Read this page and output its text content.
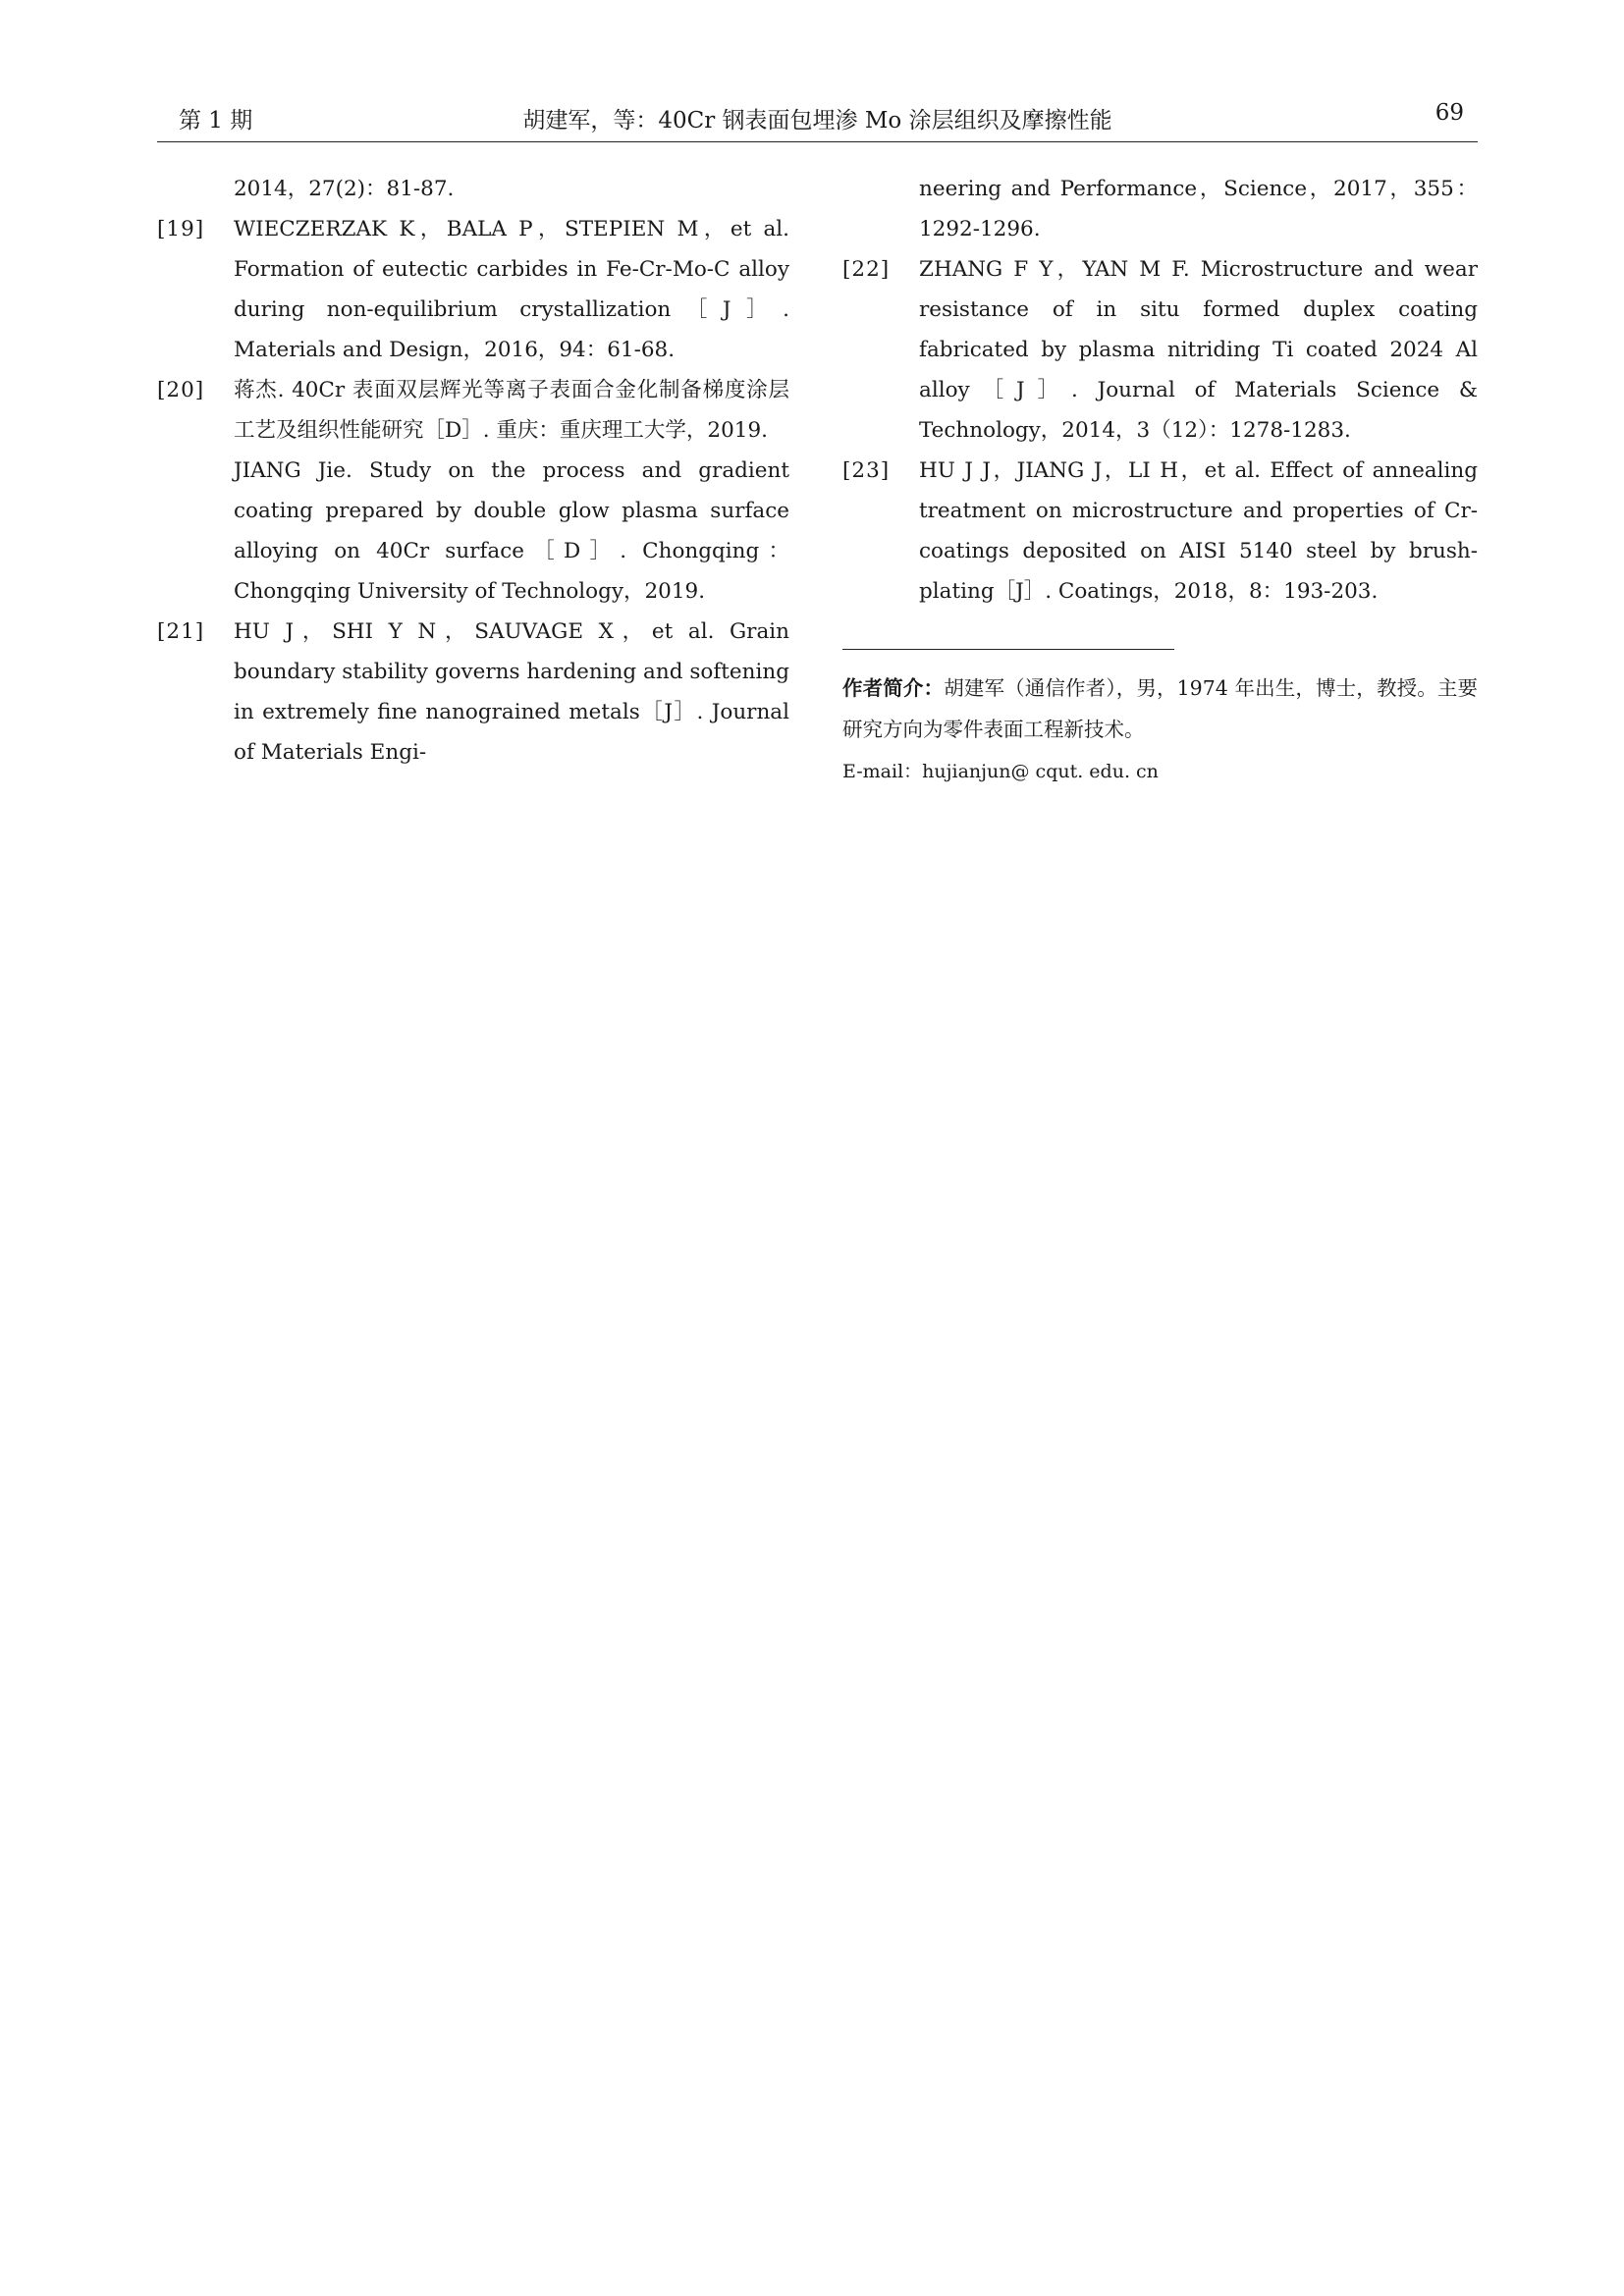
第 1 期	胡建军，等：40Cr 钢表面包埋渗 Mo 涂层组织及摩擦性能	69
2014，27(2)：81-87.
[19] WIECZERZAK K，BALA P，STEPIEN M，et al. Formation of eutectic carbides in Fe-Cr-Mo-C alloy during non-equilibrium crystallization［J］. Materials and Design，2016，94：61-68.
[20] 蒋杰. 40Cr 表面双层辉光等离子表面合金化制备梯度涂层工艺及组织性能研究［D］. 重庆：重庆理工大学，2019.
JIANG Jie. Study on the process and gradient coating prepared by double glow plasma surface alloying on 40Cr surface［D］. Chongqing：Chongqing University of Technology，2019.
[21] HU J，SHI Y N，SAUVAGE X，et al. Grain boundary stability governs hardening and softening in extremely fine nanograined metals［J］. Journal of Materials Engi-
neering and Performance，Science，2017，355：1292-1296.
[22] ZHANG F Y，YAN M F. Microstructure and wear resistance of in situ formed duplex coating fabricated by plasma nitriding Ti coated 2024 Al alloy［J］. Journal of Materials Science & Technology，2014，3（12）：1278-1283.
[23] HU J J，JIANG J，LI H，et al. Effect of annealing treatment on microstructure and properties of Cr-coatings deposited on AISI 5140 steel by brush-plating［J］. Coatings，2018，8：193-203.
作者简介：胡建军（通信作者），男，1974 年出生，博士，教授。主要研究方向为零件表面工程新技术。
E-mail：hujianjun@ cqut. edu. cn
